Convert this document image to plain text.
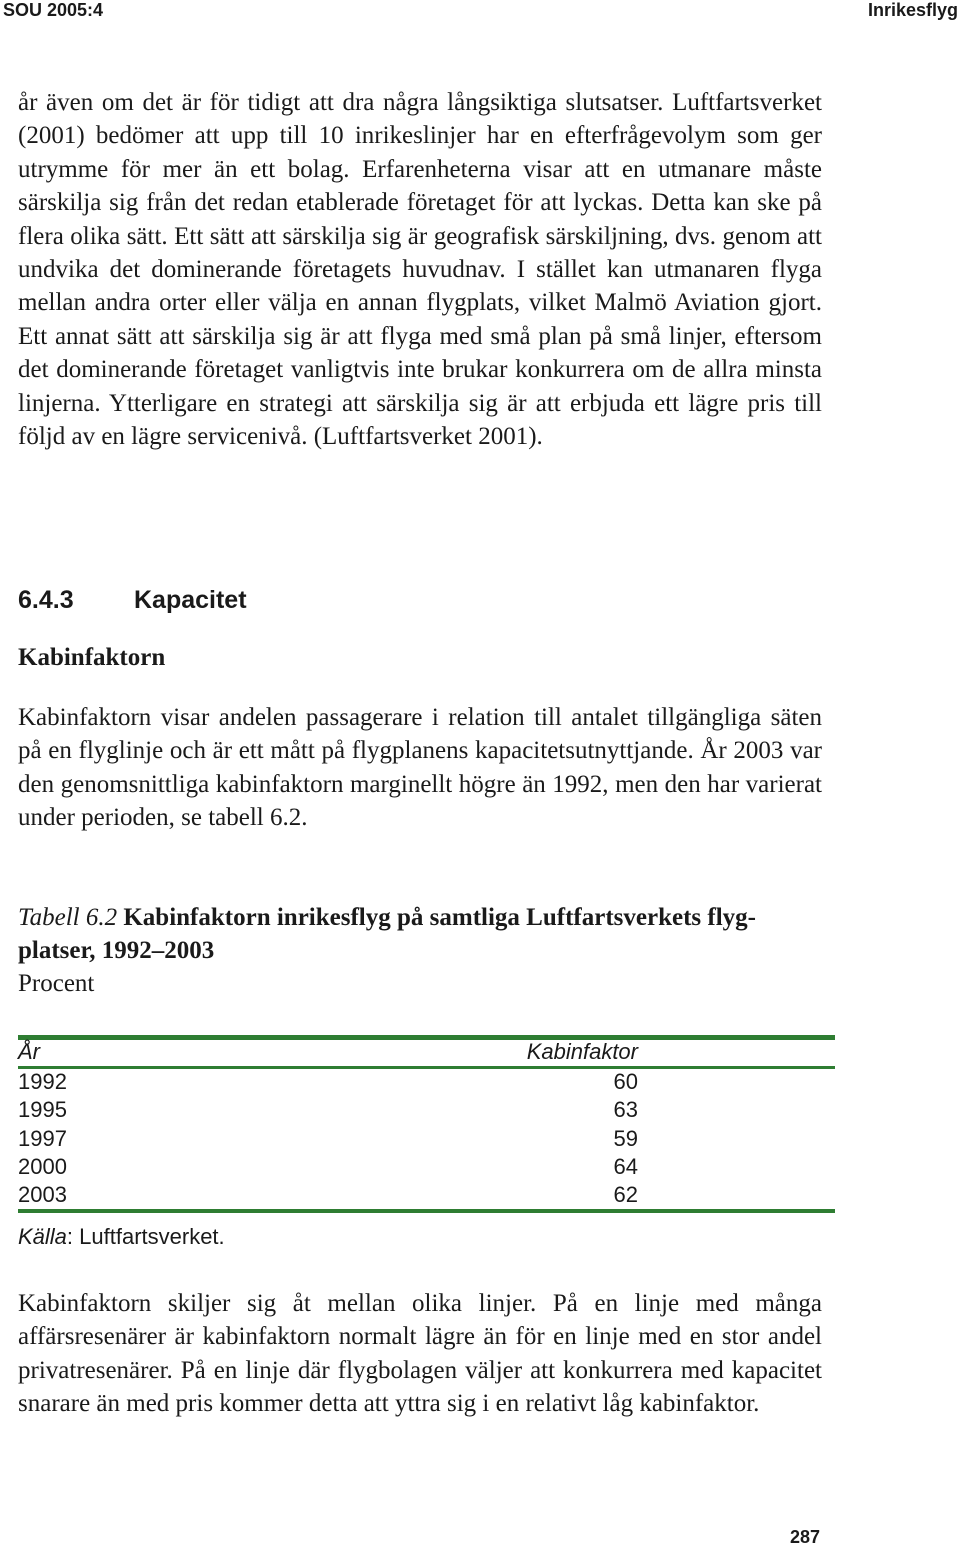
SOU 2005:4	Inrikesflyg

år även om det är för tidigt att dra några långsiktiga slutsatser. Luftfartsverket (2001) bedömer att upp till 10 inrikeslinjer har en efterfrågevolym som ger utrymme för mer än ett bolag. Erfarenheterna visar att en utmanare måste särskilja sig från det redan etablerade företaget för att lyckas. Detta kan ske på flera olika sätt. Ett sätt att särskilja sig är geografisk särskiljning, dvs. genom att undvika det dominerande företagets huvudnav. I stället kan utmanaren flyga mellan andra orter eller välja en annan flygplats, vilket Malmö Aviation gjort. Ett annat sätt att särskilja sig är att flyga med små plan på små linjer, eftersom det dominerande företaget vanligtvis inte brukar konkurrera om de allra minsta linjerna. Ytterligare en strategi att särskilja sig är att erbjuda ett lägre pris till följd av en lägre servicenivå. (Luftfartsverket 2001).

6.4.3 Kapacitet
Kabinfaktorn

Kabinfaktorn visar andelen passagerare i relation till antalet tillgängliga säten på en flyglinje och är ett mått på flygplanens kapacitetsutnyttjande. År 2003 var den genomsnittliga kabinfaktorn marginellt högre än 1992, men den har varierat under perioden, se tabell 6.2.

Tabell 6.2 Kabinfaktorn inrikesflyg på samtliga Luftfartsverkets flygplatser, 1992–2003
Procent
År	Kabinfaktor
1992	60
1995	63
1997	59
2000	64
2003	62
Källa: Luftfartsverket.

Kabinfaktorn skiljer sig åt mellan olika linjer. På en linje med många affärsresenärer är kabinfaktorn normalt lägre än för en linje med en stor andel privatresenärer. På en linje där flygbolagen väljer att konkurrera med kapacitet snarare än med pris kommer detta att yttra sig i en relativt låg kabinfaktor.

287
